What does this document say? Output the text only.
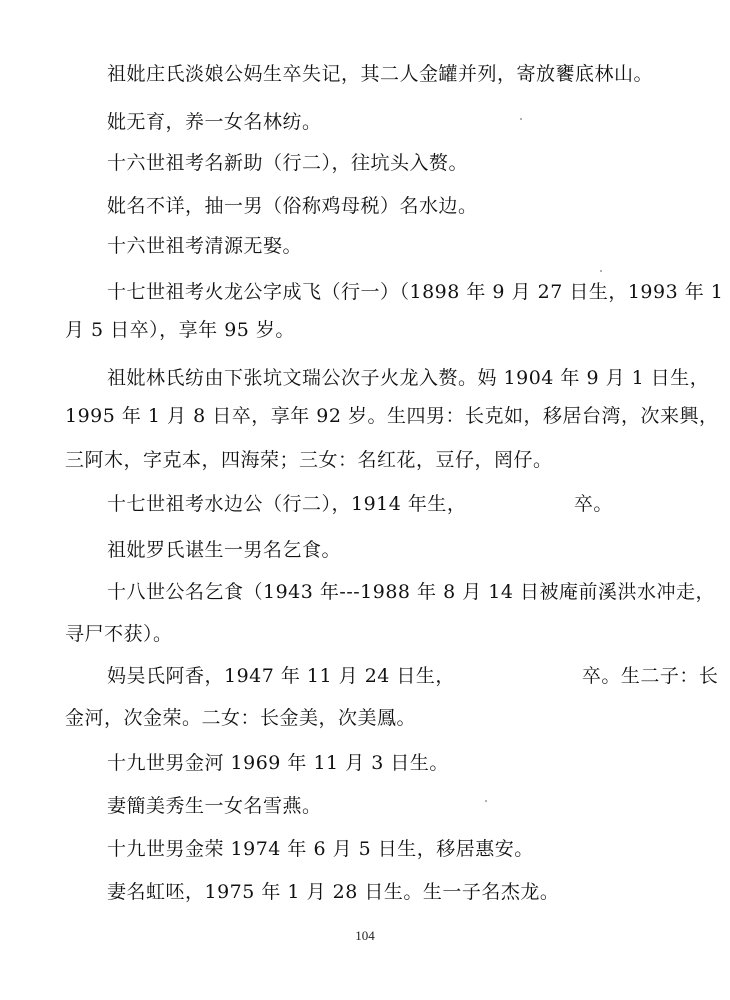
祖妣庄氏淡娘公妈生卒失记，其二人金罐并列，寄放饔底林山。
妣无育，养一女名林纺。
十六世祖考名新助（行二），往坑头入赘。
妣名不详，抽一男（俗称鸡母税）名水边。
十六世祖考清源无娶。
十七世祖考火龙公字成飞（行一）（1898 年 9 月 27 日生，1993 年 1
月 5 日卒），享年 95 岁。
祖妣林氏纺由下张坑文瑞公次子火龙入赘。妈 1904 年 9 月 1 日生，
1995 年 1 月 8 日卒，享年 92 岁。生四男：长克如，移居台湾，次来興，
三阿木，字克本，四海荣；三女：名红花，豆仔，罔仔。
十七世祖考水边公（行二），1914 年生，　　　　　　卒。
祖妣罗氏谌生一男名乞食。
十八世公名乞食（1943 年---1988 年 8 月 14 日被庵前溪洪水冲走，
寻尸不获）。
妈吴氏阿香，1947 年 11 月 24 日生，　　　　　　　卒。生二子：长
金河，次金荣。二女：长金美，次美鳳。
十九世男金河 1969 年 11 月 3 日生。
妻簡美秀生一女名雪燕。
十九世男金荣 1974 年 6 月 5 日生，移居惠安。
妻名虹呸，1975 年 1 月 28 日生。生一子名杰龙。
104
